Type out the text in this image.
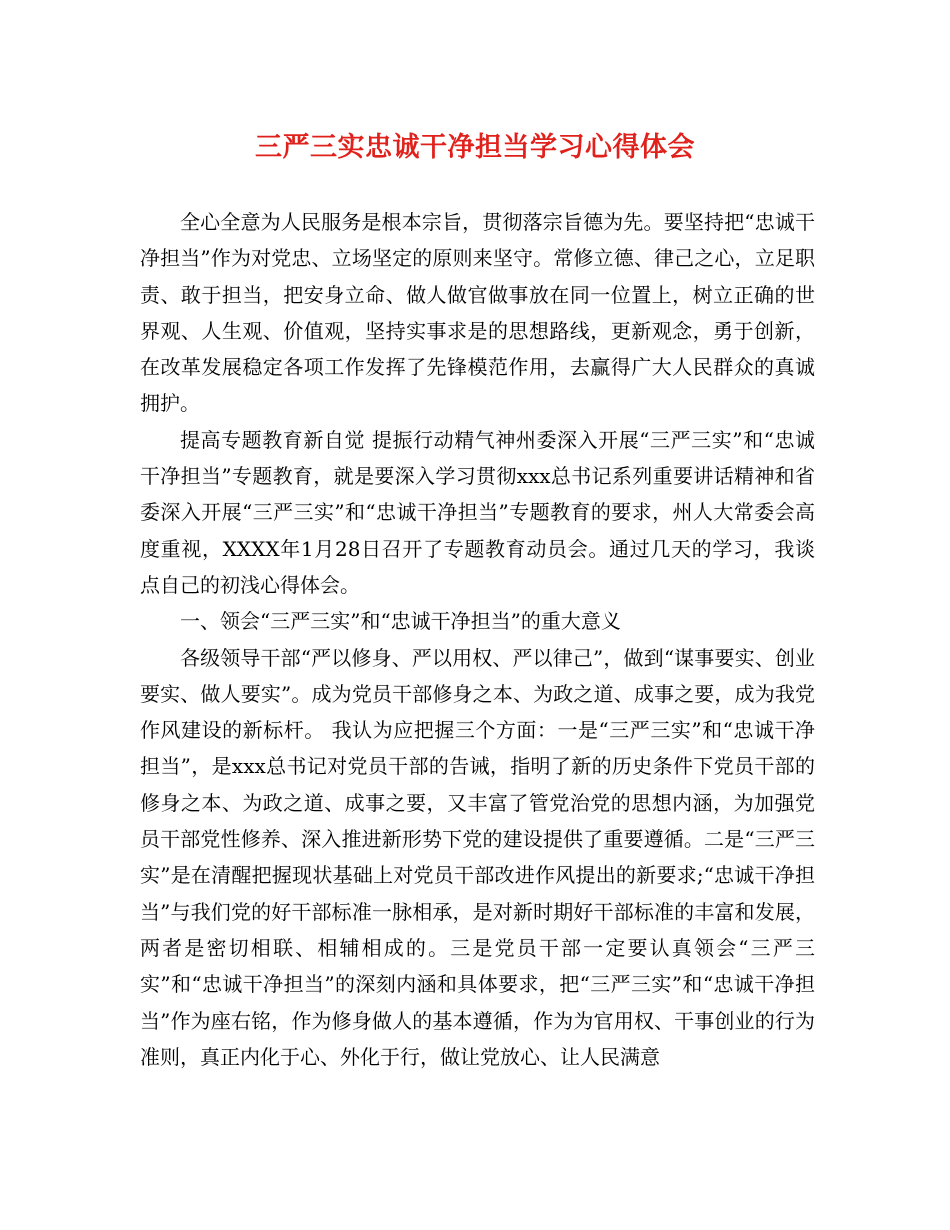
三严三实忠诚干净担当学习心得体会

全心全意为人民服务是根本宗旨，贯彻落宗旨德为先。要坚持把“忠诚干净担当”作为对党忠、立场坚定的原则来坚守。常修立德、律己之心，立足职责、敢于担当，把安身立命、做人做官做事放在同一位置上，树立正确的世界观、人生观、价值观，坚持实事求是的思想路线，更新观念，勇于创新，在改革发展稳定各项工作发挥了先锋模范作用，去赢得广大人民群众的真诚拥护。

提高专题教育新自觉 提振行动精气神州委深入开展“三严三实”和“忠诚干净担当”专题教育，就是要深入学习贯彻xxx总书记系列重要讲话精神和省委深入开展“三严三实”和“忠诚干净担当”专题教育的要求，州人大常委会高度重视，XXXX年1月28日召开了专题教育动员会。通过几天的学习，我谈点自己的初浅心得体会。

一、领会“三严三实”和“忠诚干净担当”的重大意义

各级领导干部“严以修身、严以用权、严以律己”，做到“谋事要实、创业要实、做人要实”。成为党员干部修身之本、为政之道、成事之要，成为我党作风建设的新标杆。 我认为应把握三个方面：一是“三严三实”和“忠诚干净担当”，是xxx总书记对党员干部的告诫，指明了新的历史条件下党员干部的修身之本、为政之道、成事之要，又丰富了管党治党的思想内涵，为加强党员干部党性修养、深入推进新形势下党的建设提供了重要遵循。二是“三严三实”是在清醒把握现状基础上对党员干部改进作风提出的新要求;“忠诚干净担当”与我们党的好干部标准一脉相承，是对新时期好干部标准的丰富和发展，两者是密切相联、相辅相成的。三是党员干部一定要认真领会“三严三实”和“忠诚干净担当”的深刻内涵和具体要求，把“三严三实”和“忠诚干净担当”作为座右铭，作为修身做人的基本遵循，作为为官用权、干事创业的行为准则，真正内化于心、外化于行，做让党放心、让人民满意
